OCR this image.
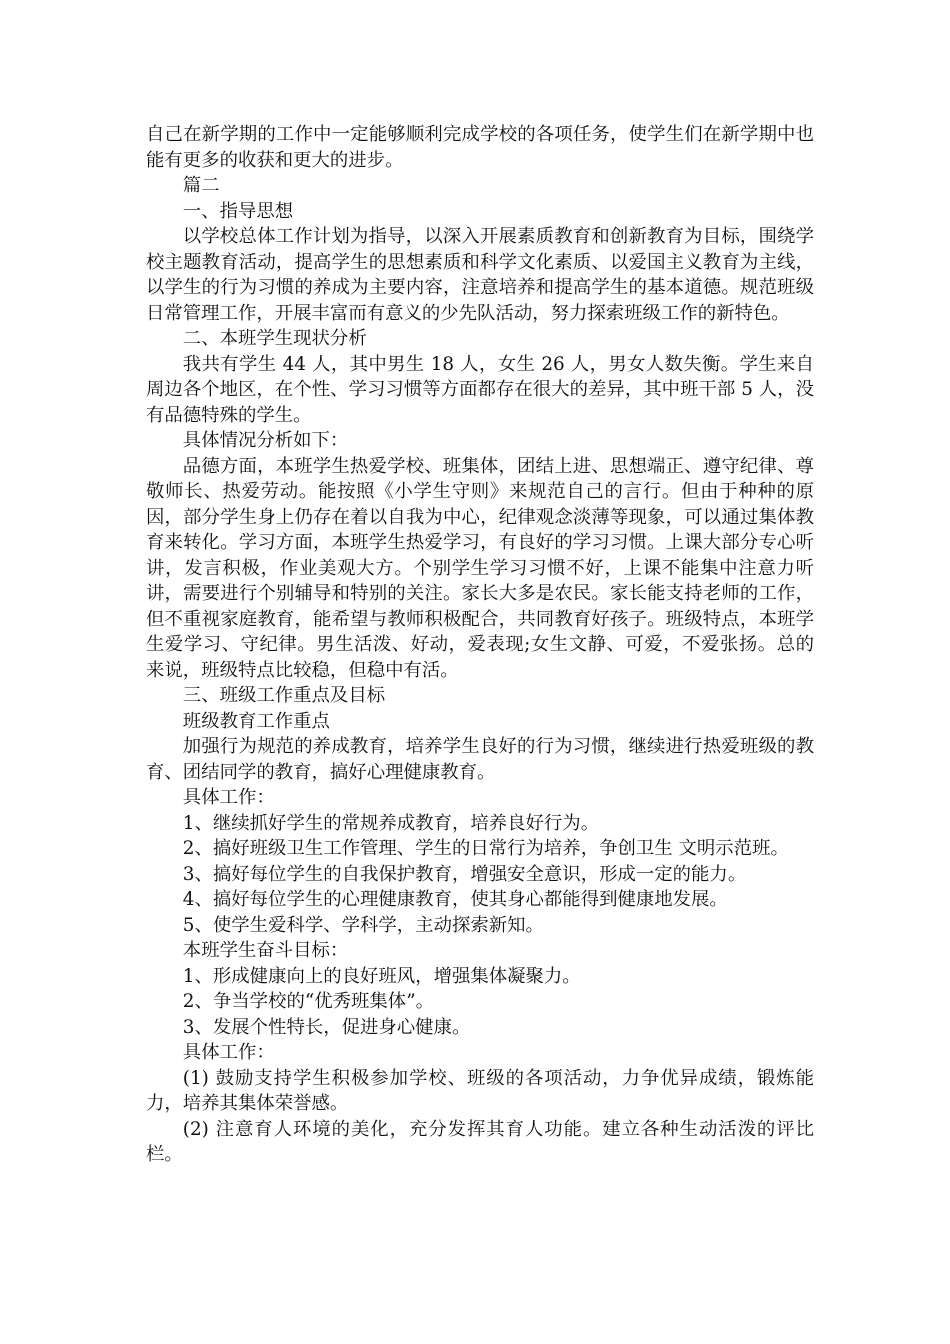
自己在新学期的工作中一定能够顺利完成学校的各项任务，使学生们在新学期中也能有更多的收获和更大的进步。

篇二

一、指导思想

以学校总体工作计划为指导，以深入开展素质教育和创新教育为目标，围绕学校主题教育活动，提高学生的思想素质和科学文化素质、以爱国主义教育为主线，以学生的行为习惯的养成为主要内容，注意培养和提高学生的基本道德。规范班级日常管理工作，开展丰富而有意义的少先队活动，努力探索班级工作的新特色。

二、本班学生现状分析

我共有学生 44 人，其中男生 18 人，女生 26 人，男女人数失衡。学生来自周边各个地区，在个性、学习习惯等方面都存在很大的差异，其中班干部 5 人，没有品德特殊的学生。

具体情况分析如下：

品德方面，本班学生热爱学校、班集体，团结上进、思想端正、遵守纪律、尊敬师长、热爱劳动。能按照《小学生守则》来规范自己的言行。但由于种种的原因，部分学生身上仍存在着以自我为中心，纪律观念淡薄等现象，可以通过集体教育来转化。学习方面，本班学生热爱学习，有良好的学习习惯。上课大部分专心听讲，发言积极，作业美观大方。个别学生学习习惯不好，上课不能集中注意力听讲，需要进行个别辅导和特别的关注。家长大多是农民。家长能支持老师的工作，但不重视家庭教育，能希望与教师积极配合，共同教育好孩子。班级特点，本班学生爱学习、守纪律。男生活泼、好动，爱表现;女生文静、可爱，不爱张扬。总的来说，班级特点比较稳，但稳中有活。

三、班级工作重点及目标

班级教育工作重点

加强行为规范的养成教育，培养学生良好的行为习惯，继续进行热爱班级的教育、团结同学的教育，搞好心理健康教育。

具体工作：

1、继续抓好学生的常规养成教育，培养良好行为。

2、搞好班级卫生工作管理、学生的日常行为培养，争创卫生 文明示范班。

3、搞好每位学生的自我保护教育，增强安全意识，形成一定的能力。

4、搞好每位学生的心理健康教育，使其身心都能得到健康地发展。

5、使学生爱科学、学科学，主动探索新知。

本班学生奋斗目标：

1、形成健康向上的良好班风，增强集体凝聚力。

2、争当学校的“优秀班集体”。

3、发展个性特长，促进身心健康。

具体工作：

(1) 鼓励支持学生积极参加学校、班级的各项活动，力争优异成绩，锻炼能力，培养其集体荣誉感。

(2) 注意育人环境的美化，充分发挥其育人功能。建立各种生动活泼的评比栏。
